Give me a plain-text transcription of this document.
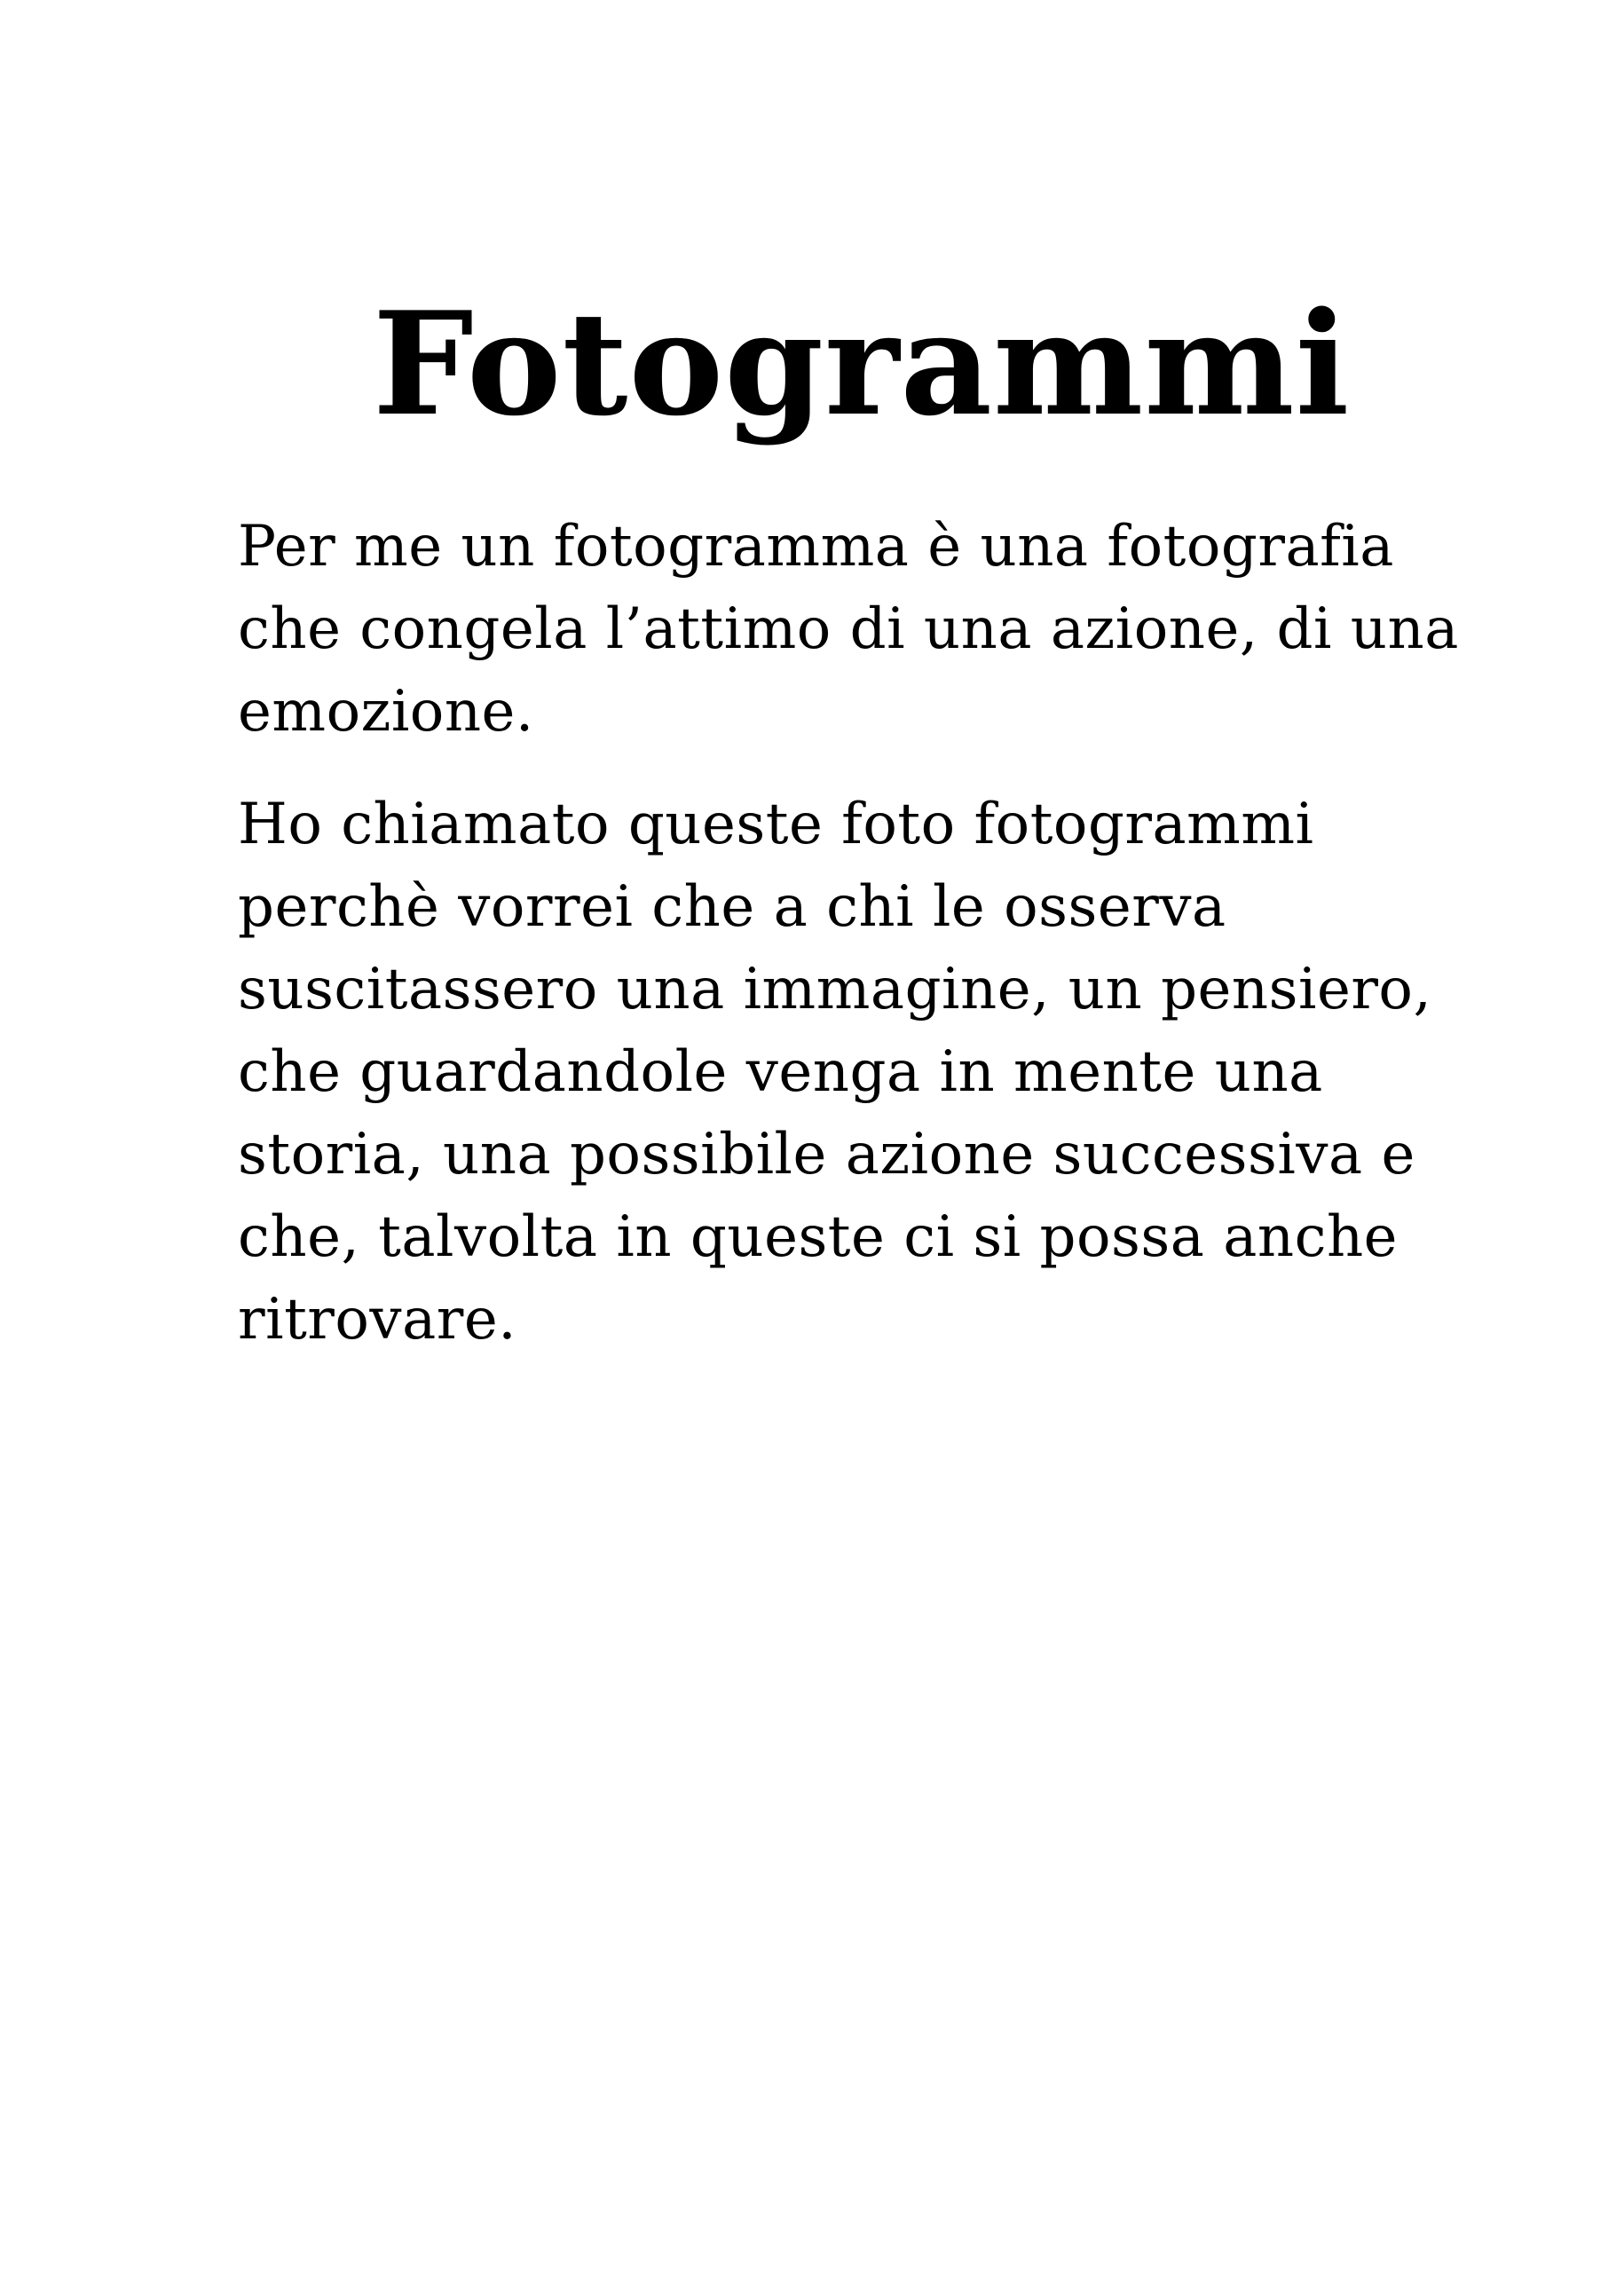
Fotogrammi

Per me un fotogramma è una fotografia
che congela l’attimo di una azione, di una
emozione.

Ho chiamato queste foto fotogrammi
perchè vorrei che a chi le osserva
suscitassero una immagine, un pensiero,
che guardandole venga in mente una
storia, una possibile azione successiva e
che, talvolta in queste ci si possa anche
ritrovare.
